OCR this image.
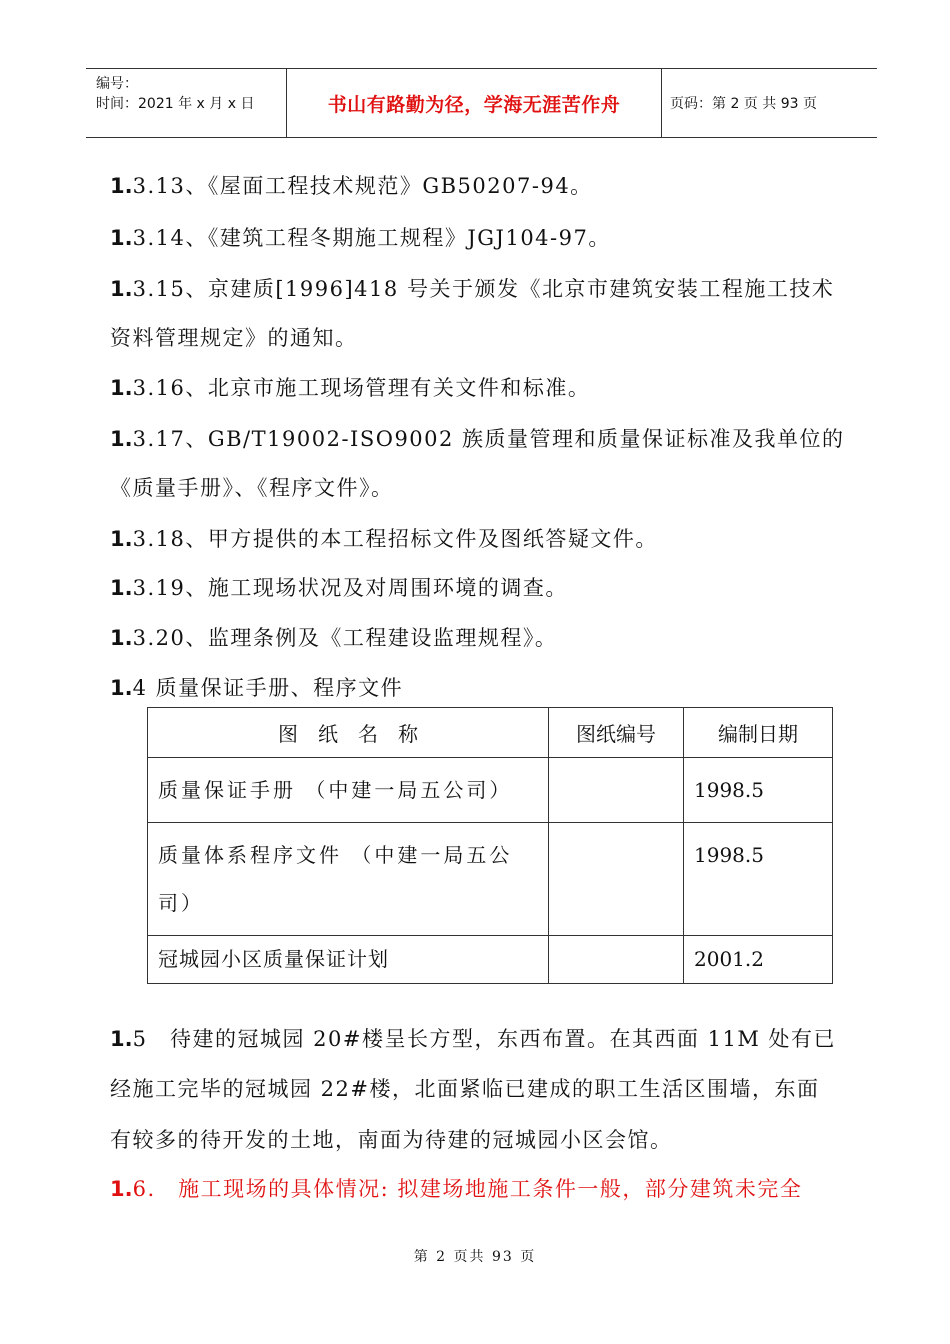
编号：
时间：2021 年 x 月 x 日	书山有路勤为径，学海无涯苦作舟	页码：第 2 页 共 93 页
1.3.13、《屋面工程技术规范》GB50207-94。
1.3.14、《建筑工程冬期施工规程》JGJ104-97。
1.3.15、京建质[1996]418 号关于颁发《北京市建筑安装工程施工技术
资料管理规定》的通知。
1.3.16、北京市施工现场管理有关文件和标准。
1.3.17、GB/T19002-ISO9002 族质量管理和质量保证标准及我单位的
《质量手册》、《程序文件》。
1.3.18、甲方提供的本工程招标文件及图纸答疑文件。
1.3.19、施工现场状况及对周围环境的调查。
1.3.20、监理条例及《工程建设监理规程》。
1.4 质量保证手册、程序文件
图　纸　名　称	图纸编号	编制日期
质量保证手册 （中建一局五公司）		1998.5
质量体系程序文件 （中建一局五公司）		1998.5
冠城园小区质量保证计划		2001.2
1.5　待建的冠城园 20#楼呈长方型，东西布置。在其西面 11M 处有已
经施工完毕的冠城园 22#楼，北面紧临已建成的职工生活区围墙，东面
有较多的待开发的土地，南面为待建的冠城园小区会馆。
1.6.　施工现场的具体情况: 拟建场地施工条件一般，部分建筑未完全
第 2 页共 93 页
